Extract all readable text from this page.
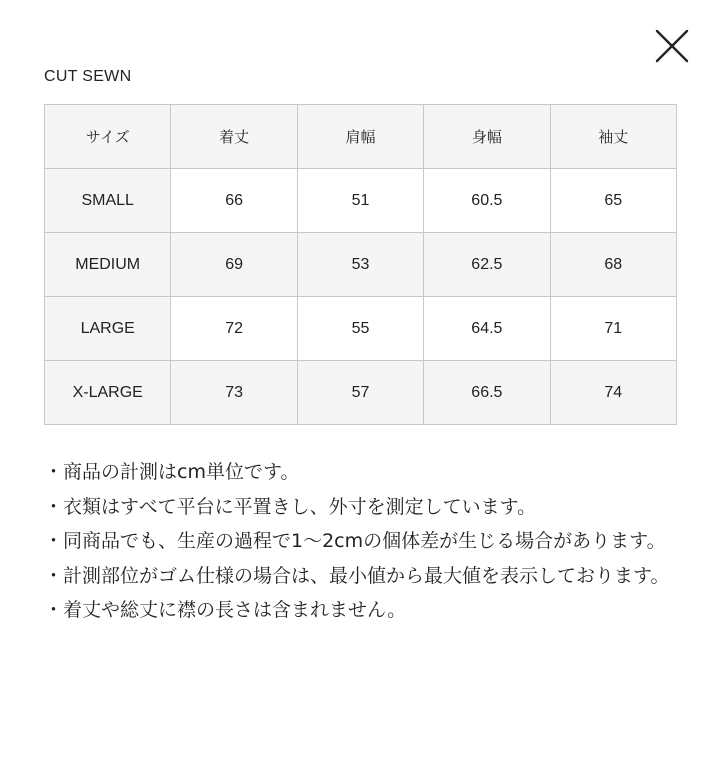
CUT SEWN
サイズ	着丈	肩幅	身幅	袖丈
SMALL	66	51	60.5	65
MEDIUM	69	53	62.5	68
LARGE	72	55	64.5	71
X-LARGE	73	57	66.5	74

・商品の計測はcm単位です。

・衣類はすべて平台に平置きし、外寸を測定しています。

・同商品でも、生産の過程で1～2cmの個体差が生じる場合があります。

・計測部位がゴム仕様の場合は、最小値から最大値を表示しております。

・着丈や総丈に襟の長さは含まれません。
